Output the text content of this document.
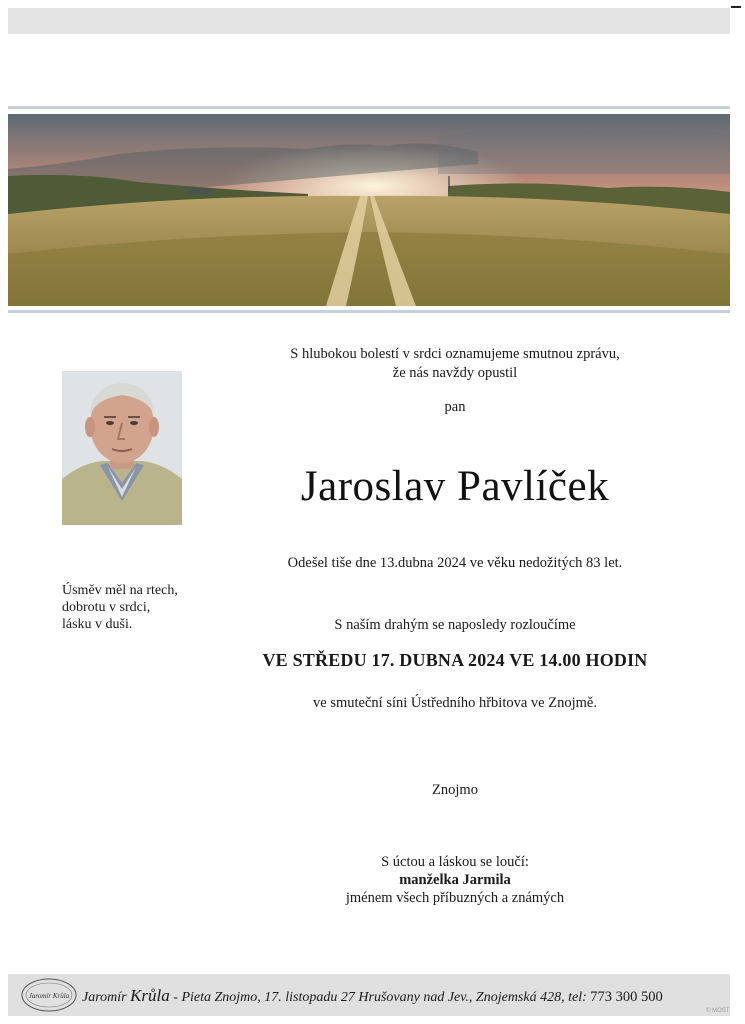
Úsměv měl na rtech,
dobrotu v srdci,
lásku v duši.
S hlubokou bolestí v srdci oznamujeme smutnou zprávu,
že nás navždy opustil
pan
Jaroslav Pavlíček
Odešel tiše dne 13.dubna 2024 ve věku nedožitých 83 let.
S naším drahým se naposledy rozloučíme
VE STŘEDU 17. DUBNA 2024 VE 14.00 HODIN
ve smuteční síni Ústředního hřbitova ve Znojmě.
Znojmo
S úctou a láskou se loučí:
manželka Jarmila
jménem všech příbuzných a známých
Jaromír Krůla Jaromír Krůla - Pieta Znojmo, 17. listopadu 27 Hrušovany nad Jev., Znojemská 428, tel: 773 300 500
© MOST
